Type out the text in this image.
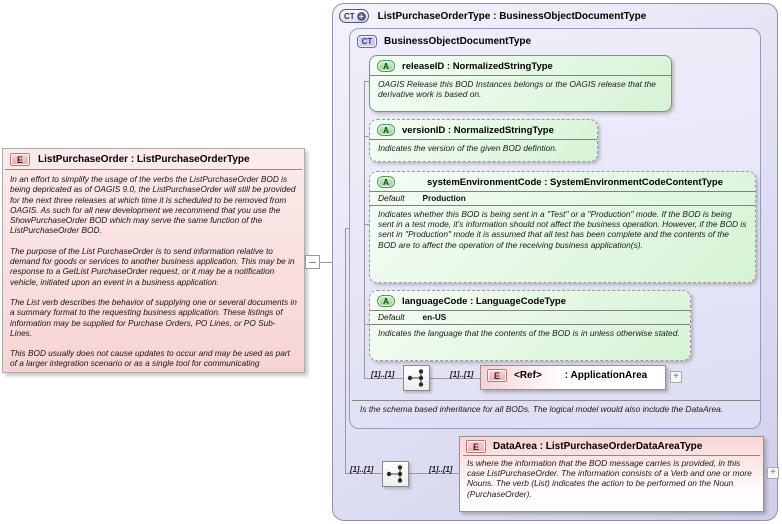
E	ListPurchaseOrder : ListPurchaseOrderType

In an effort to simplify the usage of the verbs the ListPurchaseOrder BOD is being depricated as of OAGIS 9.0, the ListPurchaseOrder will still be provided for the next three releases at which time it is scheduled to be removed from OAGIS. As such for all new development we recommend that you use the ShowPurchaseOrder BOD which may serve the same function of the ListPurchaseOrder BOD.

The purpose of the List PurchaseOrder is to send information relative to demand for goods or services to another business application. This may be in response to a GetList PurchaseOrder request, or it may be a notification vehicle, initiated upon an event in a business application.

The List verb describes the behavior of supplying one or several documents in a summary format to the requesting business application. These listings of information may be supplied for Purchase Orders, PO Lines, or PO Sub-Lines.

This BOD usually does not cause updates to occur and may be used as part of a larger integration scenario or as a single tool for communicating

CT + ListPurchaseOrderType : BusinessObjectDocumentType
CT	BusinessObjectDocumentType
A	releaseID : NormalizedStringType
OAGIS Release this BOD Instances belongs or the OAGIS release that the derivative work is based on.
A	versionID : NormalizedStringType
Indicates the version of the given BOD defintion.
A	systemEnvironmentCode : SystemEnvironmentCodeContentType
Default Production
Indicates whether this BOD is being sent in a "Test" or a "Production" mode. If the BOD is being sent in a test mode, it's information should not affect the business operation. However, if the BOD is sent in "Production" mode it is assumed that all test has been complete and the contents of the BOD are to affect the operation of the receiving business application(s).
A	languageCode : LanguageCodeType
Default en-US
Indicates the language that the contents of the BOD is in unless otherwise stated.
[1]..[1]	[1]..[1]	E	<Ref> : ApplicationArea	+
Is the schema based inheritance for all BODs. The logical model would also include the DataArea.
[1]..[1]	[1]..[1]
E	DataArea : ListPurchaseOrderDataAreaType
Is where the information that the BOD message carries is provided, in this case ListPurchaseOrder. The information consists of a Verb and one or more Nouns. The verb (List) indicates the action to be performed on the Noun (PurchaseOrder).
+
